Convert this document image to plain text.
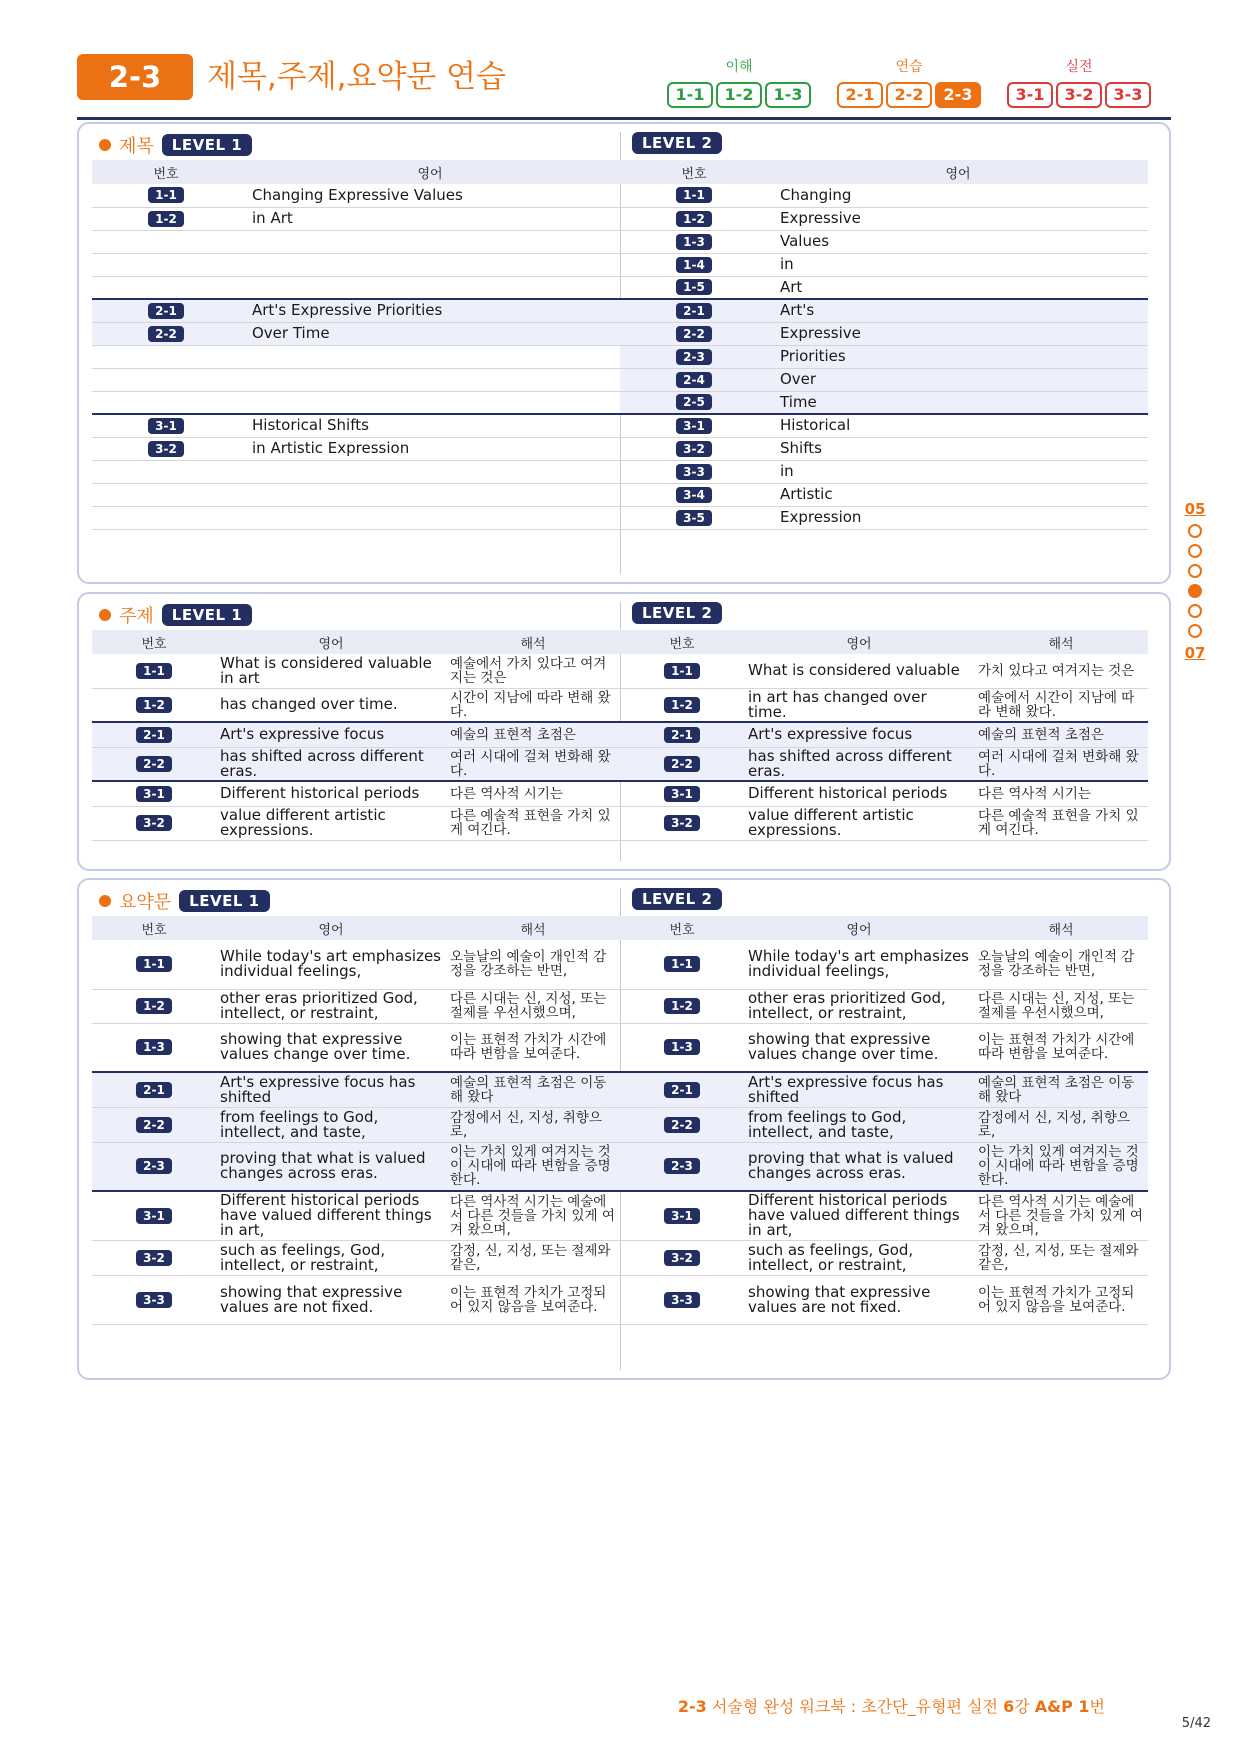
2-3	제목,주제,요약문 연습	이해
1-1	1-2	1-3
연습
2-1	2-2	2-3
실전
3-1	3-2	3-3
제목	LEVEL 1	LEVEL 2
번호	영어
1-1	Changing Expressive Values
1-2	in Art

2-1	Art's Expressive Priorities
2-2	Over Time

3-1	Historical Shifts
3-2	in Artistic Expression

번호	영어
1-1	Changing
1-2	Expressive
1-3	Values
1-4	in
1-5	Art
2-1	Art's
2-2	Expressive
2-3	Priorities
2-4	Over
2-5	Time
3-1	Historical
3-2	Shifts
3-3	in
3-4	Artistic
3-5	Expression
주제	LEVEL 1	LEVEL 2
번호	영어	해석
1-1	What is considered valuable in art	예술에서 가치 있다고 여겨지는 것은
1-2	has changed over time.	시간이 지남에 따라 변해 왔다.
2-1	Art's expressive focus	예술의 표현적 초점은
2-2	has shifted across different eras.	여러 시대에 걸쳐 변화해 왔다.
3-1	Different historical periods	다른 역사적 시기는
3-2	value different artistic expressions.	다른 예술적 표현을 가치 있게 여긴다.
번호	영어	해석
1-1	What is considered valuable	가치 있다고 여겨지는 것은
1-2	in art has changed over time.	예술에서 시간이 지남에 따라 변해 왔다.
2-1	Art's expressive focus	예술의 표현적 초점은
2-2	has shifted across different eras.	여러 시대에 걸쳐 변화해 왔다.
3-1	Different historical periods	다른 역사적 시기는
3-2	value different artistic expressions.	다른 예술적 표현을 가치 있게 여긴다.
요약문	LEVEL 1	LEVEL 2
번호	영어	해석
1-1	While today's art emphasizes individual feelings,	오늘날의 예술이 개인적 감정을 강조하는 반면,
1-2	other eras prioritized God, intellect, or restraint,	다른 시대는 신, 지성, 또는 절제를 우선시했으며,
1-3	showing that expressive values change over time.	이는 표현적 가치가 시간에 따라 변함을 보여준다.
2-1	Art's expressive focus has shifted	예술의 표현적 초점은 이동해 왔다
2-2	from feelings to God, intellect, and taste,	감정에서 신, 지성, 취향으로,
2-3	proving that what is valued changes across eras.	이는 가치 있게 여겨지는 것이 시대에 따라 변함을 증명한다.
3-1	Different historical periods have valued different things in art,	다른 역사적 시기는 예술에서 다른 것들을 가치 있게 여겨 왔으며,
3-2	such as feelings, God, intellect, or restraint,	감정, 신, 지성, 또는 절제와 같은,
3-3	showing that expressive values are not fixed.	이는 표현적 가치가 고정되어 있지 않음을 보여준다.
번호	영어	해석
1-1	While today's art emphasizes individual feelings,	오늘날의 예술이 개인적 감정을 강조하는 반면,
1-2	other eras prioritized God, intellect, or restraint,	다른 시대는 신, 지성, 또는 절제를 우선시했으며,
1-3	showing that expressive values change over time.	이는 표현적 가치가 시간에 따라 변함을 보여준다.
2-1	Art's expressive focus has shifted	예술의 표현적 초점은 이동해 왔다
2-2	from feelings to God, intellect, and taste,	감정에서 신, 지성, 취향으로,
2-3	proving that what is valued changes across eras.	이는 가치 있게 여겨지는 것이 시대에 따라 변함을 증명한다.
3-1	Different historical periods have valued different things in art,	다른 역사적 시기는 예술에서 다른 것들을 가치 있게 여겨 왔으며,
3-2	such as feelings, God, intellect, or restraint,	감정, 신, 지성, 또는 절제와 같은,
3-3	showing that expressive values are not fixed.	이는 표현적 가치가 고정되어 있지 않음을 보여준다.
05
07
2-3 서술형 완성 워크북 : 초간단_유형편 실전 6강 A&P 1번
5/42
